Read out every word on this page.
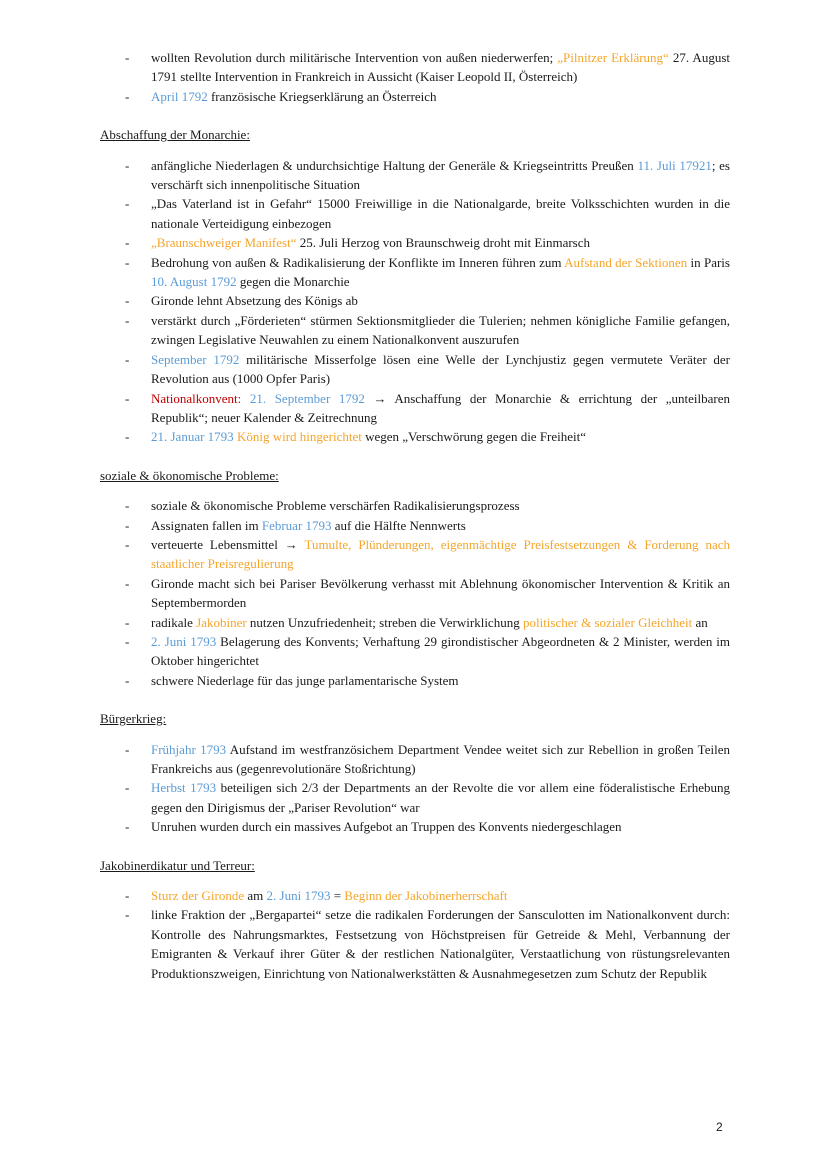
- wollten Revolution durch militärische Intervention von außen niederwerfen; „Pilnitzer Erklärung“ 27. August 1791 stellte Intervention in Frankreich in Aussicht (Kaiser Leopold II, Österreich)
- April 1792 französische Kriegserklärung an Österreich

Abschaffung der Monarchie:

- anfängliche Niederlagen & undurchsichtige Haltung der Generäle & Kriegseintritts Preußen 11. Juli 17921; es verschärft sich innenpolitische Situation
- „Das Vaterland ist in Gefahr“ 15000 Freiwillige in die Nationalgarde, breite Volksschichten wurden in die nationale Verteidigung einbezogen
- „Braunschweiger Manifest“ 25. Juli Herzog von Braunschweig droht mit Einmarsch
- Bedrohung von außen & Radikalisierung der Konflikte im Inneren führen zum Aufstand der Sektionen in Paris 10. August 1792 gegen die Monarchie
- Gironde lehnt Absetzung des Königs ab
- verstärkt durch „Förderieten“ stürmen Sektionsmitglieder die Tulerien; nehmen königliche Familie gefangen, zwingen Legislative Neuwahlen zu einem Nationalkonvent auszurufen
- September 1792 militärische Misserfolge lösen eine Welle der Lynchjustiz gegen vermutete Veräter der Revolution aus (1000 Opfer Paris)
- Nationalkonvent: 21. September 1792 → Anschaffung der Monarchie & errichtung der „unteilbaren Republik“; neuer Kalender & Zeitrechnung
- 21. Januar 1793 König wird hingerichtet wegen „Verschwörung gegen die Freiheit“

soziale & ökonomische Probleme:

- soziale & ökonomische Probleme verschärfen Radikalisierungsprozess
- Assignaten fallen im Februar 1793 auf die Hälfte Nennwerts
- verteuerte Lebensmittel → Tumulte, Plünderungen, eigenmächtige Preisfestsetzungen & Forderung nach staatlicher Preisregulierung
- Gironde macht sich bei Pariser Bevölkerung verhasst mit Ablehnung ökonomischer Intervention & Kritik an Septembermorden
- radikale Jakobiner nutzen Unzufriedenheit; streben die Verwirklichung politischer & sozialer Gleichheit an
- 2. Juni 1793 Belagerung des Konvents; Verhaftung 29 girondistischer Abgeordneten & 2 Minister, werden im Oktober hingerichtet
- schwere Niederlage für das junge parlamentarische System

Bürgerkrieg:

- Frühjahr 1793 Aufstand im westfranzösichem Department Vendee weitet sich zur Rebellion in großen Teilen Frankreichs aus (gegenrevolutionäre Stoßrichtung)
- Herbst 1793 beteiligen sich 2/3 der Departments an der Revolte die vor allem eine föderalistische Erhebung gegen den Dirigismus der „Pariser Revolution“ war
- Unruhen wurden durch ein massives Aufgebot an Truppen des Konvents niedergeschlagen

Jakobinerdikatur und Terreur:

- Sturz der Gironde am 2. Juni 1793 = Beginn der Jakobinerherrschaft
- linke Fraktion der „Bergapartei“ setze die radikalen Forderungen der Sansculotten im Nationalkonvent durch: Kontrolle des Nahrungsmarktes, Festsetzung von Höchstpreisen für Getreide & Mehl, Verbannung der Emigranten & Verkauf ihrer Güter & der restlichen Nationalgüter, Verstaatlichung von rüstungsrelevanten Produktionszweigen, Einrichtung von Nationalwerkstätten & Ausnahmegesetzen zum Schutz der Republik
2
